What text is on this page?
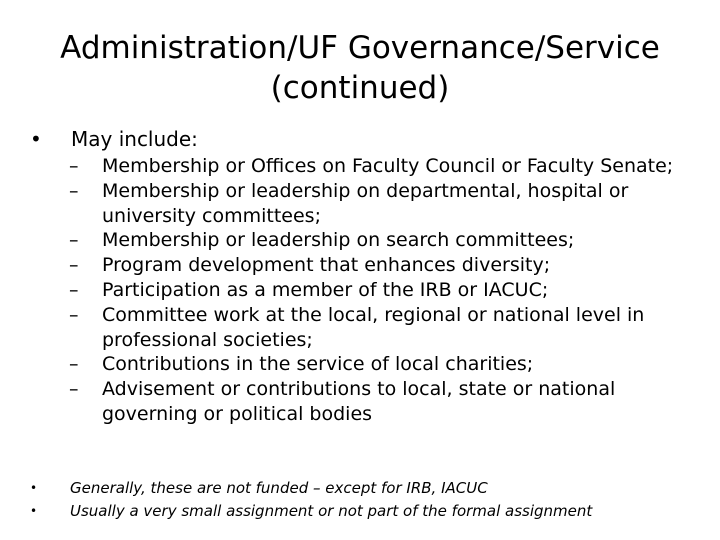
Administration/UF Governance/Service
(continued)
• May include:
– Membership or Offices on Faculty Council or Faculty Senate;
– Membership or leadership on departmental, hospital or university committees;
– Membership or leadership on search committees;
– Program development that enhances diversity;
– Participation as a member of the IRB or IACUC;
– Committee work at the local, regional or national level in professional societies;
– Contributions in the service of local charities;
– Advisement or contributions to local, state or national governing or political bodies
• Generally, these are not funded – except for IRB, IACUC
• Usually a very small assignment or not part of the formal assignment
